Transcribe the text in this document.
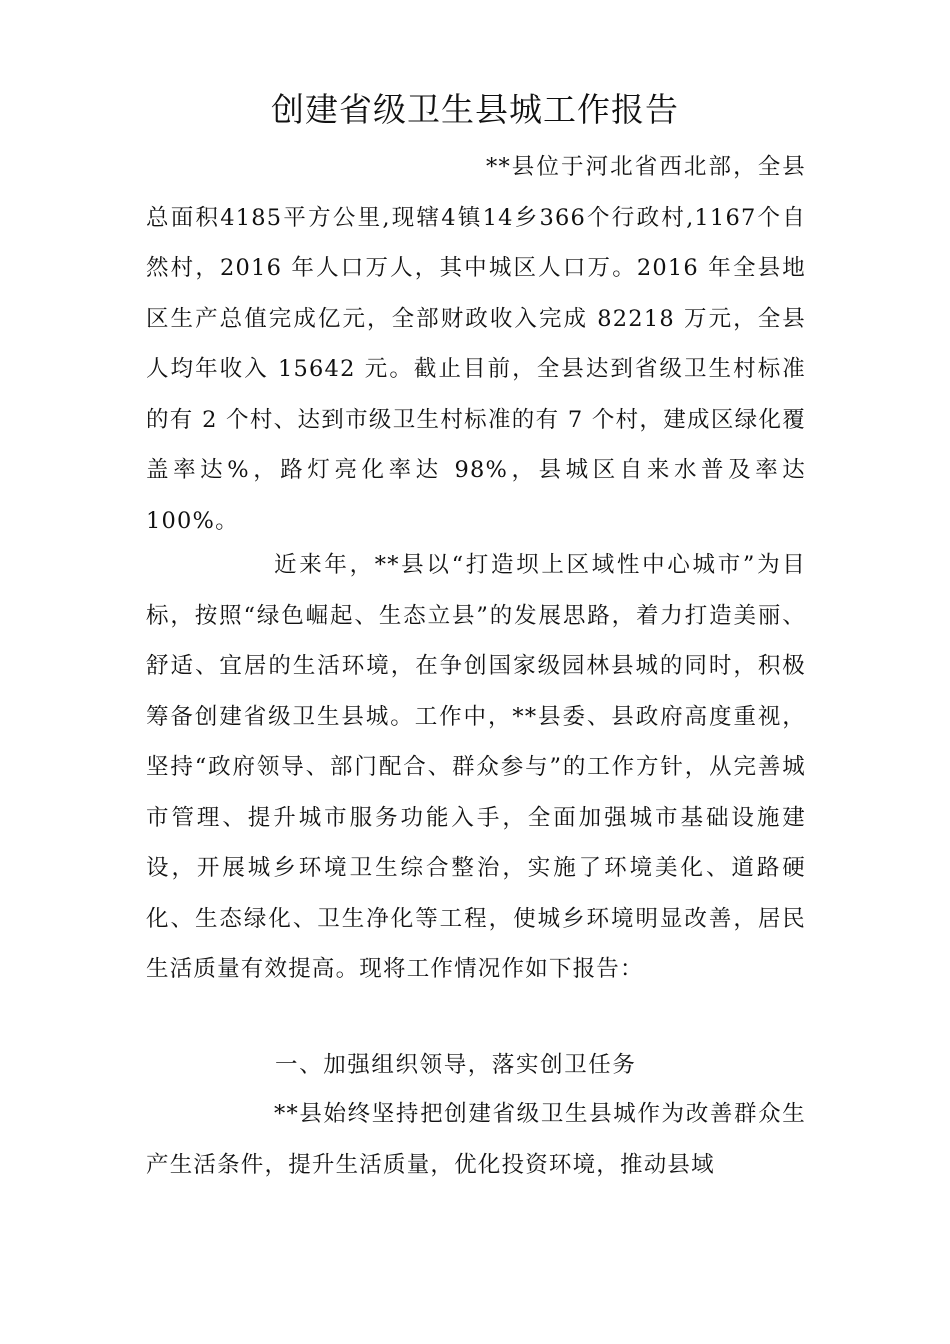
创建省级卫生县城工作报告

**县位于河北省西北部，全县总面积4185平方公里,现辖4镇14乡366个行政村,1167个自然村，2016 年人口万人，其中城区人口万。2016 年全县地区生产总值完成亿元，全部财政收入完成 82218 万元，全县人均年收入 15642 元。截止目前，全县达到省级卫生村标准的有 2 个村、达到市级卫生村标准的有 7 个村，建成区绿化覆盖率达%，路灯亮化率达 98%，县城区自来水普及率达100%。

近来年，**县以“打造坝上区域性中心城市”为目标，按照“绿色崛起、生态立县”的发展思路，着力打造美丽、舒适、宜居的生活环境，在争创国家级园林县城的同时，积极筹备创建省级卫生县城。工作中，**县委、县政府高度重视，坚持“政府领导、部门配合、群众参与”的工作方针，从完善城市管理、提升城市服务功能入手，全面加强城市基础设施建设，开展城乡环境卫生综合整治，实施了环境美化、道路硬化、生态绿化、卫生净化等工程，使城乡环境明显改善，居民生活质量有效提高。现将工作情况作如下报告：

一、加强组织领导，落实创卫任务

**县始终坚持把创建省级卫生县城作为改善群众生产生活条件，提升生活质量，优化投资环境，推动县域
